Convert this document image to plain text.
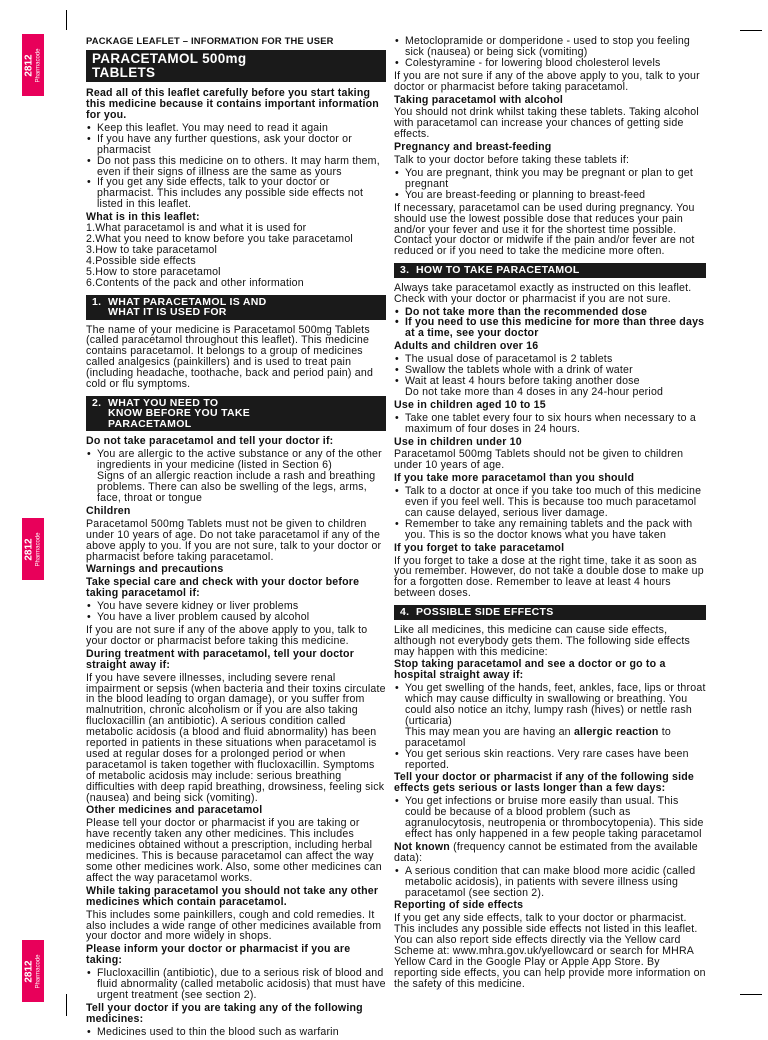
2812 Pharmacode
2812 Pharmacode
2812 Pharmacode
PACKAGE LEAFLET – INFORMATION FOR THE USER
PARACETAMOL 500mg
TABLETS

Read all of this leaflet carefully before you start taking this medicine because it contains important information for you.

• Keep this leaflet. You may need to read it again
• If you have any further questions, ask your doctor or pharmacist
• Do not pass this medicine on to others. It may harm them, even if their signs of illness are the same as yours
• If you get any side effects, talk to your doctor or pharmacist. This includes any possible side effects not listed in this leaflet.

What is in this leaflet:

1.What paracetamol is and what it is used for

2.What you need to know before you take paracetamol

3.How to take paracetamol

4.Possible side effects

5.How to store paracetamol

6.Contents of the pack and other information

1. WHAT PARACETAMOL IS AND
WHAT IT IS USED FOR

The name of your medicine is Paracetamol 500mg Tablets (called paracetamol throughout this leaflet). This medicine contains paracetamol. It belongs to a group of medicines called analgesics (painkillers) and is used to treat pain (including headache, toothache, back and period pain) and cold or flu symptoms.

2. WHAT YOU NEED TO
KNOW BEFORE YOU TAKE
PARACETAMOL

Do not take paracetamol and tell your doctor if:

• You are allergic to the active substance or any of the other ingredients in your medicine (listed in Section 6)
Signs of an allergic reaction include a rash and breathing problems. There can also be swelling of the legs, arms, face, throat or tongue

Children

Paracetamol 500mg Tablets must not be given to children under 10 years of age. Do not take paracetamol if any of the above apply to you. If you are not sure, talk to your doctor or pharmacist before taking paracetamol.

Warnings and precautions

Take special care and check with your doctor before taking paracetamol if:

• You have severe kidney or liver problems
• You have a liver problem caused by alcohol

If you are not sure if any of the above apply to you, talk to your doctor or pharmacist before taking this medicine.

During treatment with paracetamol, tell your doctor straight away if:

If you have severe illnesses, including severe renal impairment or sepsis (when bacteria and their toxins circulate in the blood leading to organ damage), or you suffer from malnutrition, chronic alcoholism or if you are also taking flucloxacillin (an antibiotic). A serious condition called metabolic acidosis (a blood and fluid abnormality) has been reported in patients in these situations when paracetamol is used at regular doses for a prolonged period or when paracetamol is taken together with flucloxacillin. Symptoms of metabolic acidosis may include: serious breathing difficulties with deep rapid breathing, drowsiness, feeling sick (nausea) and being sick (vomiting).

Other medicines and paracetamol

Please tell your doctor or pharmacist if you are taking or have recently taken any other medicines. This includes medicines obtained without a prescription, including herbal medicines. This is because paracetamol can affect the way some other medicines work. Also, some other medicines can affect the way paracetamol works.

While taking paracetamol you should not take any other medicines which contain paracetamol.

This includes some painkillers, cough and cold remedies. It also includes a wide range of other medicines available from your doctor and more widely in shops.

Please inform your doctor or pharmacist if you are taking:

• Flucloxacillin (antibiotic), due to a serious risk of blood and fluid abnormality (called metabolic acidosis) that must have urgent treatment (see section 2).

Tell your doctor if you are taking any of the following medicines:

• Medicines used to thin the blood such as warfarin
• Metoclopramide or domperidone - used to stop you feeling sick (nausea) or being sick (vomiting)
• Colestyramine - for lowering blood cholesterol levels

If you are not sure if any of the above apply to you, talk to your doctor or pharmacist before taking paracetamol.

Taking paracetamol with alcohol

You should not drink whilst taking these tablets. Taking alcohol with paracetamol can increase your chances of getting side effects.

Pregnancy and breast-feeding

Talk to your doctor before taking these tablets if:

• You are pregnant, think you may be pregnant or plan to get pregnant
• You are breast-feeding or planning to breast-feed

If necessary, paracetamol can be used during pregnancy. You should use the lowest possible dose that reduces your pain and/or your fever and use it for the shortest time possible. Contact your doctor or midwife if the pain and/or fever are not reduced or if you need to take the medicine more often.

3. HOW TO TAKE PARACETAMOL

Always take paracetamol exactly as instructed on this leaflet. Check with your doctor or pharmacist if you are not sure.

• Do not take more than the recommended dose
• If you need to use this medicine for more than three days at a time, see your doctor

Adults and children over 16

• The usual dose of paracetamol is 2 tablets
• Swallow the tablets whole with a drink of water
• Wait at least 4 hours before taking another dose
Do not take more than 4 doses in any 24-hour period

Use in children aged 10 to 15

• Take one tablet every four to six hours when necessary to a maximum of four doses in 24 hours.

Use in children under 10

Paracetamol 500mg Tablets should not be given to children under 10 years of age.

If you take more paracetamol than you should

• Talk to a doctor at once if you take too much of this medicine even if you feel well. This is because too much paracetamol can cause delayed, serious liver damage.
• Remember to take any remaining tablets and the pack with you. This is so the doctor knows what you have taken

If you forget to take paracetamol

If you forget to take a dose at the right time, take it as soon as you remember. However, do not take a double dose to make up for a forgotten dose. Remember to leave at least 4 hours between doses.

4. POSSIBLE SIDE EFFECTS

Like all medicines, this medicine can cause side effects, although not everybody gets them. The following side effects may happen with this medicine:

Stop taking paracetamol and see a doctor or go to a hospital straight away if:

• You get swelling of the hands, feet, ankles, face, lips or throat which may cause difficulty in swallowing or breathing. You could also notice an itchy, lumpy rash (hives) or nettle rash (urticaria)
This may mean you are having an allergic reaction to paracetamol
• You get serious skin reactions. Very rare cases have been reported.

Tell your doctor or pharmacist if any of the following side effects gets serious or lasts longer than a few days:

• You get infections or bruise more easily than usual. This could be because of a blood problem (such as agranulocytosis, neutropenia or thrombocytopenia). This side effect has only happened in a few people taking paracetamol

Not known (frequency cannot be estimated from the available data):

• A serious condition that can make blood more acidic (called metabolic acidosis), in patients with severe illness using paracetamol (see section 2).

Reporting of side effects

If you get any side effects, talk to your doctor or pharmacist. This includes any possible side effects not listed in this leaflet. You can also report side effects directly via the Yellow card Scheme at: www.mhra.gov.uk/yellowcard or search for MHRA Yellow Card in the Google Play or Apple App Store. By reporting side effects, you can help provide more information on the safety of this medicine.
